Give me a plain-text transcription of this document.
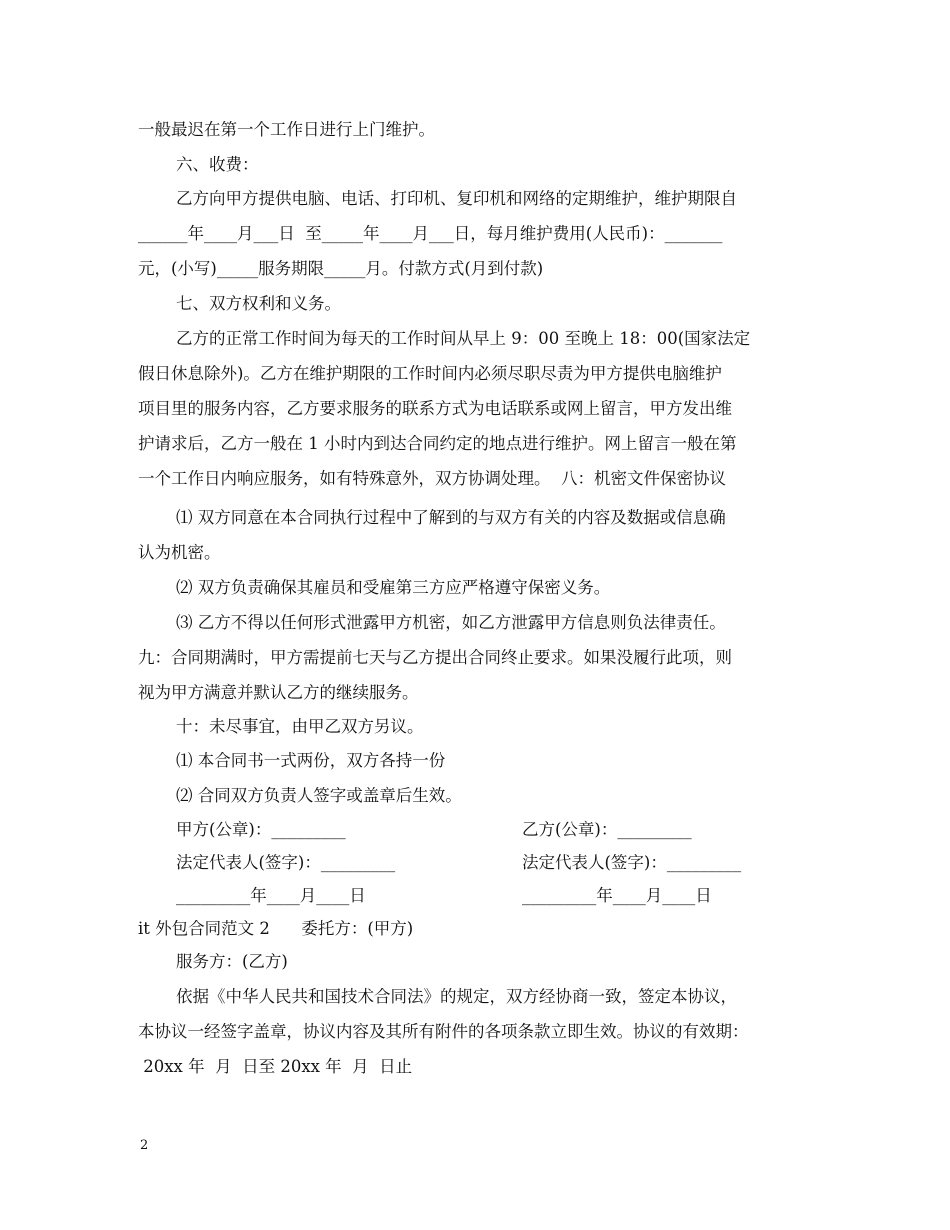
一般最迟在第一个工作日进行上门维护。
六、收费：
乙方向甲方提供电脑、电话、打印机、复印机和网络的定期维护，维护期限自
______年____月___日  至_____年____月___日，每月维护费用(人民币)：_______
元，(小写)_____服务期限_____月。付款方式(月到付款)
七、双方权利和义务。
乙方的正常工作时间为每天的工作时间从早上 9：00 至晚上 18：00(国家法定
假日休息除外)。乙方在维护期限的工作时间内必须尽职尽责为甲方提供电脑维护
项目里的服务内容，乙方要求服务的联系方式为电话联系或网上留言，甲方发出维
护请求后，乙方一般在 1 小时内到达合同约定的地点进行维护。网上留言一般在第
一个工作日内响应服务，如有特殊意外，双方协调处理。  八：机密文件保密协议
⑴ 双方同意在本合同执行过程中了解到的与双方有关的内容及数据或信息确
认为机密。
⑵ 双方负责确保其雇员和受雇第三方应严格遵守保密义务。
⑶ 乙方不得以任何形式泄露甲方机密，如乙方泄露甲方信息则负法律责任。
九：合同期满时，甲方需提前七天与乙方提出合同终止要求。如果没履行此项，则
视为甲方满意并默认乙方的继续服务。
十：未尽事宜，由甲乙双方另议。
⑴ 本合同书一式两份，双方各持一份
⑵ 合同双方负责人签字或盖章后生效。
甲方(公章)：_________	乙方(公章)：_________
法定代表人(签字)：_________	法定代表人(签字)：_________
_________年____月____日	_________年____月____日
it 外包合同范文 2      委托方：(甲方)
服务方：(乙方)
依据《中华人民共和国技术合同法》的规定，双方经协商一致，签定本协议，
本协议一经签字盖章，协议内容及其所有附件的各项条款立即生效。协议的有效期：
20xx 年  月  日至 20xx 年  月  日止
2
